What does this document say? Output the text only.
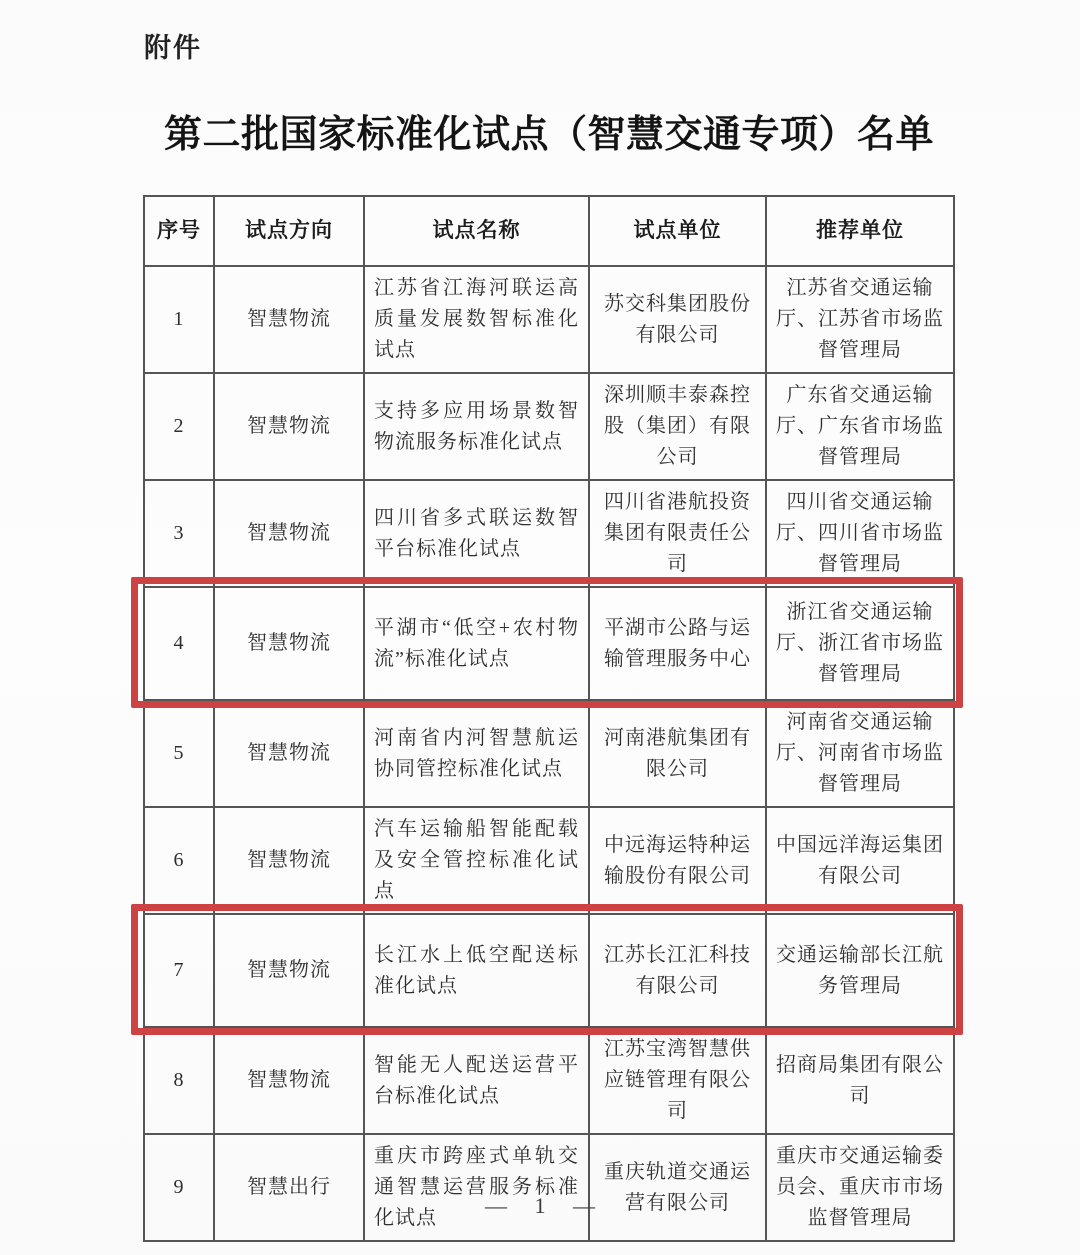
附件
第二批国家标准化试点（智慧交通专项）名单
序号	试点方向	试点名称	试点单位	推荐单位
1	智慧物流	江苏省江海河联运高质量发展数智标准化试点	苏交科集团股份有限公司	江苏省交通运输厅、江苏省市场监督管理局
2	智慧物流	支持多应用场景数智物流服务标准化试点	深圳顺丰泰森控股（集团）有限公司	广东省交通运输厅、广东省市场监督管理局
3	智慧物流	四川省多式联运数智平台标准化试点	四川省港航投资集团有限责任公司	四川省交通运输厅、四川省市场监督管理局
4	智慧物流	平湖市“低空+农村物流”标准化试点	平湖市公路与运输管理服务中心	浙江省交通运输厅、浙江省市场监督管理局
5	智慧物流	河南省内河智慧航运协同管控标准化试点	河南港航集团有限公司	河南省交通运输厅、河南省市场监督管理局
6	智慧物流	汽车运输船智能配载及安全管控标准化试点	中远海运特种运输股份有限公司	中国远洋海运集团有限公司
7	智慧物流	长江水上低空配送标准化试点	江苏长江汇科技有限公司	交通运输部长江航务管理局
8	智慧物流	智能无人配送运营平台标准化试点	江苏宝湾智慧供应链管理有限公司	招商局集团有限公司
9	智慧出行	重庆市跨座式单轨交通智慧运营服务标准化试点	重庆轨道交通运营有限公司	重庆市交通运输委员会、重庆市市场监督管理局
— 1 —
